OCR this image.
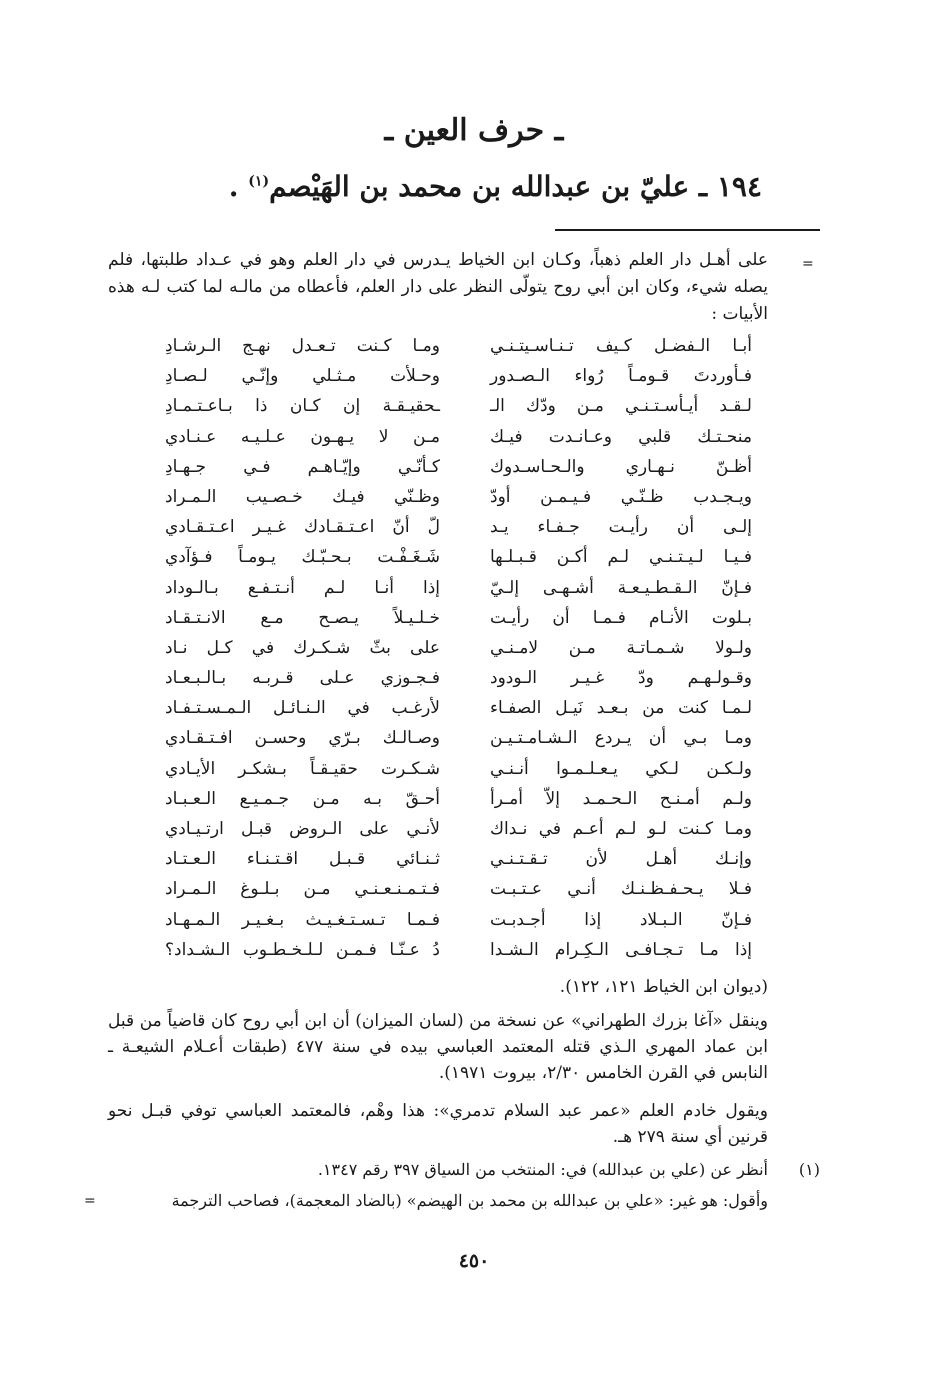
ـ حرف العين ـ
١٩٤ ـ عليّ بن عبدالله بن محمد بن الهَيْصم$^{(١)}$ .
=

على أهـل دار العلم ذهباً، وكـان ابن الخياط يـدرس في دار العلم وهو في عـداد طلبتها، فلم يصله شيء، وكان ابن أبي روح يتولّى النظر على دار العلم، فأعطاه من مالـه لما كتب لـه هذه الأبيات :

أبـا الـفضـل كـيف تـنـاسـيتـنـي
ومـا كـنت تـعـدل نهـج الـرشـادِ
فـأوردتَ قـومـاً رُواء الـصـدور
وحـلأت مـثـلي وإنّـي لـصـادِ
لـقـد أيـأسـتـنـي مـن ودّك الـ
ـحقيـقـة إن كـان ذا بـاعـتـمـادِ
منحـتـك قلبي وعـانـدت فيـك
مـن لا يـهـون عـلـيـه عـنـادي
أظـنّ نـهـاري والـحـاسـدوك
كـأنّـي وإيّـاهـم فـي جـهـادِ
ويـجـدب ظـنّـي فـيـمـن أودّ
وظـنّي فيـك خـصـيب الـمـراد
إلـى أن رأيـت جـفـاء يـد
لّ أنّ اعـتـقـادك غـيـر اعـتـقـادي
فـيـا لـيـتـنـي لـم أكـن قـبـلـها
شَـغَـفْـت بـحـبّـك يـومـاً فـؤآدي
فـإنّ الـقـطـيـعـة أشـهـى إلـيّ
إذا أنـا لـم أنـتـفـع بـالـوداد
بـلوت الأنـام فـمـا أن رأيـت
خـلـيـلاً يـصـح مـع الانـتـقـاد
ولـولا شـمـاتـة مـن لامـنـي
على بثّ شـكـرك في كـل نـاد
وقـولـهـم ودّ غـيـر الـودود
فـجـوزي عـلى قـربـه بـالـبـعـاد
لـمـا كنت من بـعـد نَيـل الصفـاء
لأرغـب في الـنـائـل الـمـسـتـفـاد
ومـا بـي أن يـردع الـشـامـتـيـن
وصـالـك بـرّي وحسـن افـتـقـادي
ولـكـن لـكي يـعـلـمـوا أنـنـي
شـكـرت حقيـقـاً بـشكـر الأيـادي
ولـم أمـنـح الـحـمـد إلاّ أمـرأ
أحـقّ بـه مـن جـمـيـع الـعـبـاد
ومـا كـنت لـو لـم أعـم في نـداك
لأنـي على الـروض قبـل ارتـيـادي
وإنـك أهـل لأن تـقـتـنـي
ثـنـائي قـبـل اقـتـنـاء الـعـتـاد
فـلا يـحـفـظـنـك أنـي عـتـبـت
فـتـمـنـعـنـي مـن بـلـوغ الـمـراد
فـإنّ الـبـلاد إذا أجـدبـت
فـمـا تـسـتـغـيـث بـغـيـر الـمـهـاد
إذا مـا تـجـافـى الـكِـرام الـشـدا
دُ عـنّـا فـمـن لـلـخـطـوب الـشـداد؟

(ديوان ابن الخياط ١٢١، ١٢٢).

وينقل «آغا بزرك الطهراني» عن نسخة من (لسان الميزان) أن ابن أبي روح كان قاضياً من قبل ابن عماد المهري الـذي قتله المعتمد العباسي بيده في سنة ٤٧٧ (طبقات أعـلام الشيعـة ـ النابس في القرن الخامس ٢/٣٠، بيروت ١٩٧١).

ويقول خادم العلم «عمر عبد السلام تدمري»: هذا وهْم، فالمعتمد العباسي توفي قبـل نحو قرنين أي سنة ٢٧٩ هـ.

(١)

أنظر عن (علي بن عبدالله) في: المنتخب من السياق ٣٩٧ رقم ١٣٤٧.

وأقول: هو غير: «علي بن عبدالله بن محمد بن الهيضم» (بالضاد المعجمة)، فصاحب الترجمة

=
٤٥٠
